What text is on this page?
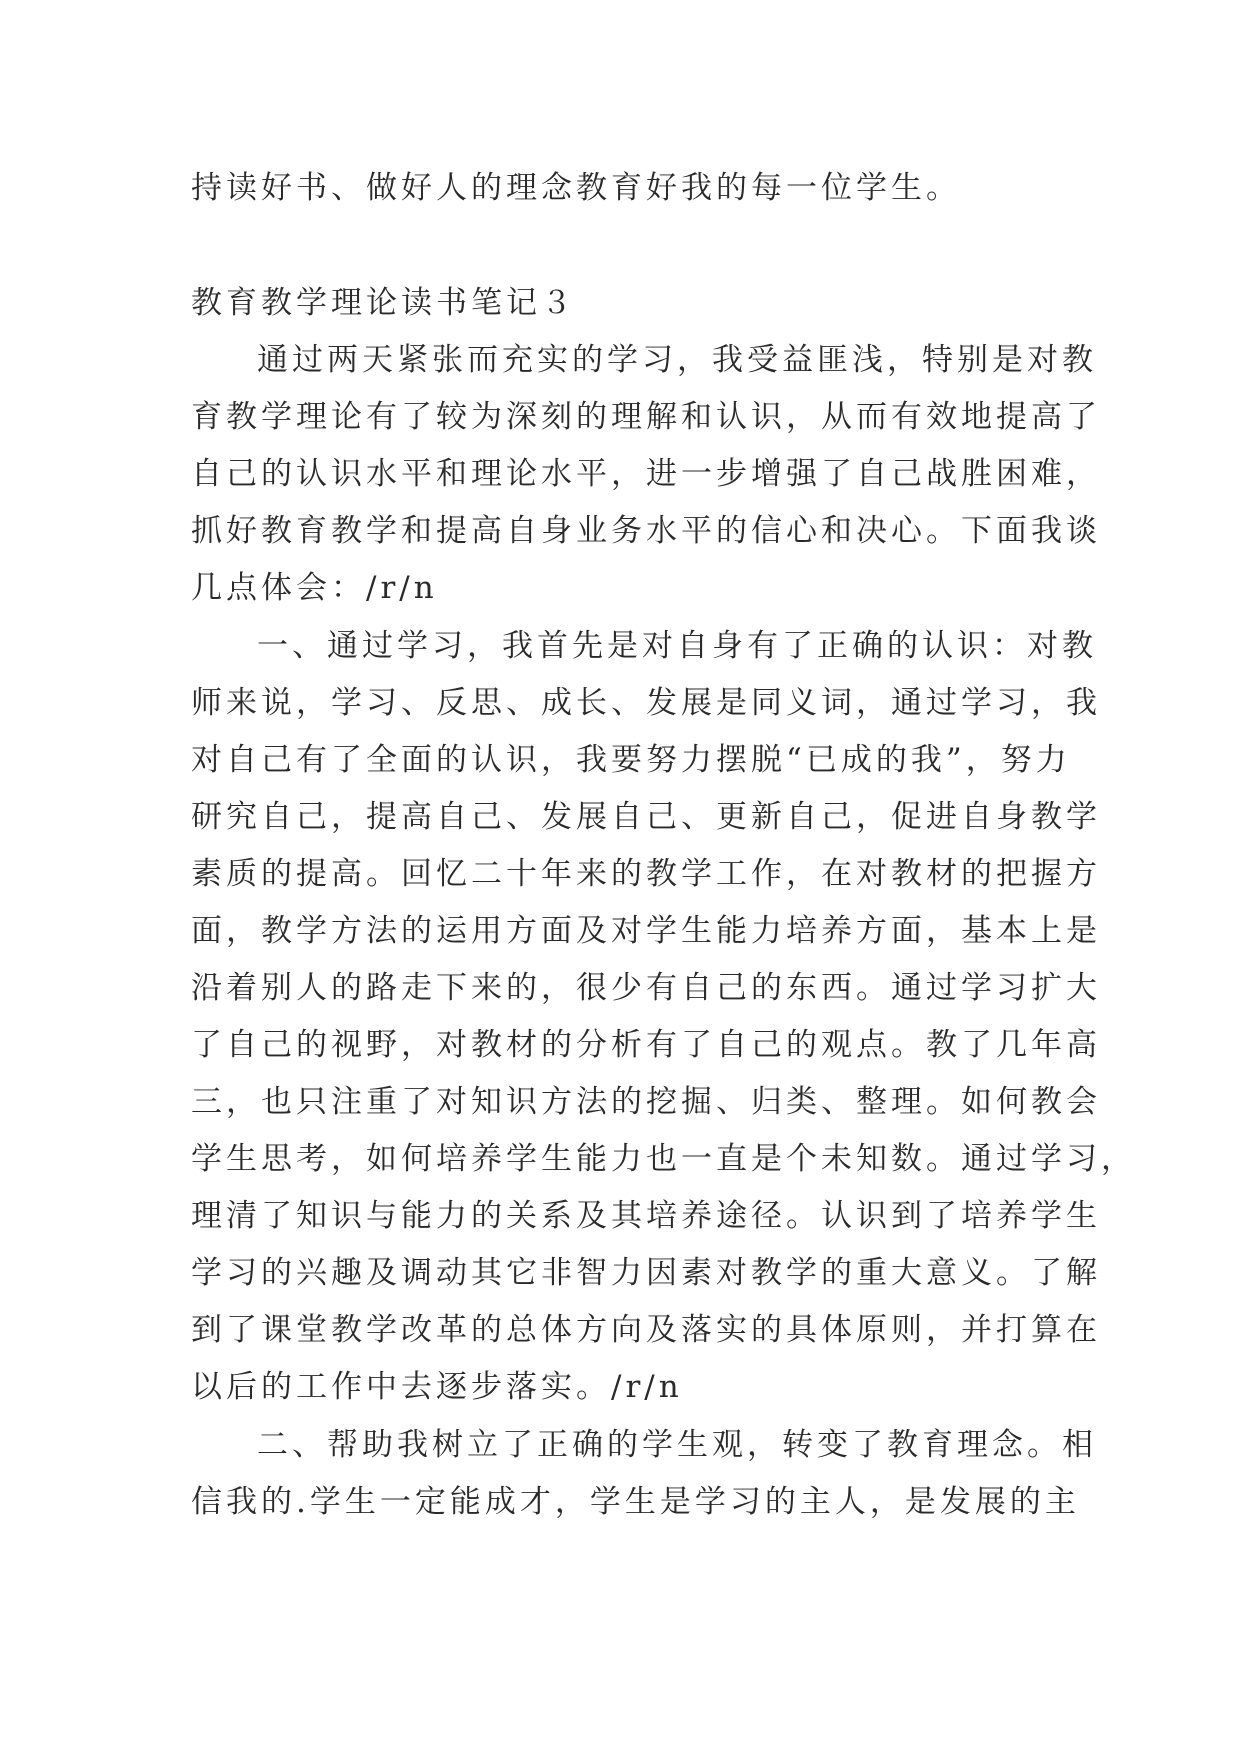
持读好书、做好人的理念教育好我的每一位学生。
教育教学理论读书笔记３
通过两天紧张而充实的学习，我受益匪浅，特别是对教
育教学理论有了较为深刻的理解和认识，从而有效地提高了
自己的认识水平和理论水平，进一步增强了自己战胜困难，
抓好教育教学和提高自身业务水平的信心和决心。下面我谈
几点体会：/r/n
一、通过学习，我首先是对自身有了正确的认识：对教
师来说，学习、反思、成长、发展是同义词，通过学习，我
对自己有了全面的认识，我要努力摆脱“已成的我”，努力
研究自己，提高自己、发展自己、更新自己，促进自身教学
素质的提高。回忆二十年来的教学工作，在对教材的把握方
面，教学方法的运用方面及对学生能力培养方面，基本上是
沿着别人的路走下来的，很少有自己的东西。通过学习扩大
了自己的视野，对教材的分析有了自己的观点。教了几年高
三，也只注重了对知识方法的挖掘、归类、整理。如何教会
学生思考，如何培养学生能力也一直是个未知数。通过学习，
理清了知识与能力的关系及其培养途径。认识到了培养学生
学习的兴趣及调动其它非智力因素对教学的重大意义。了解
到了课堂教学改革的总体方向及落实的具体原则，并打算在
以后的工作中去逐步落实。/r/n
二、帮助我树立了正确的学生观，转变了教育理念。相
信我的.学生一定能成才，学生是学习的主人，是发展的主
